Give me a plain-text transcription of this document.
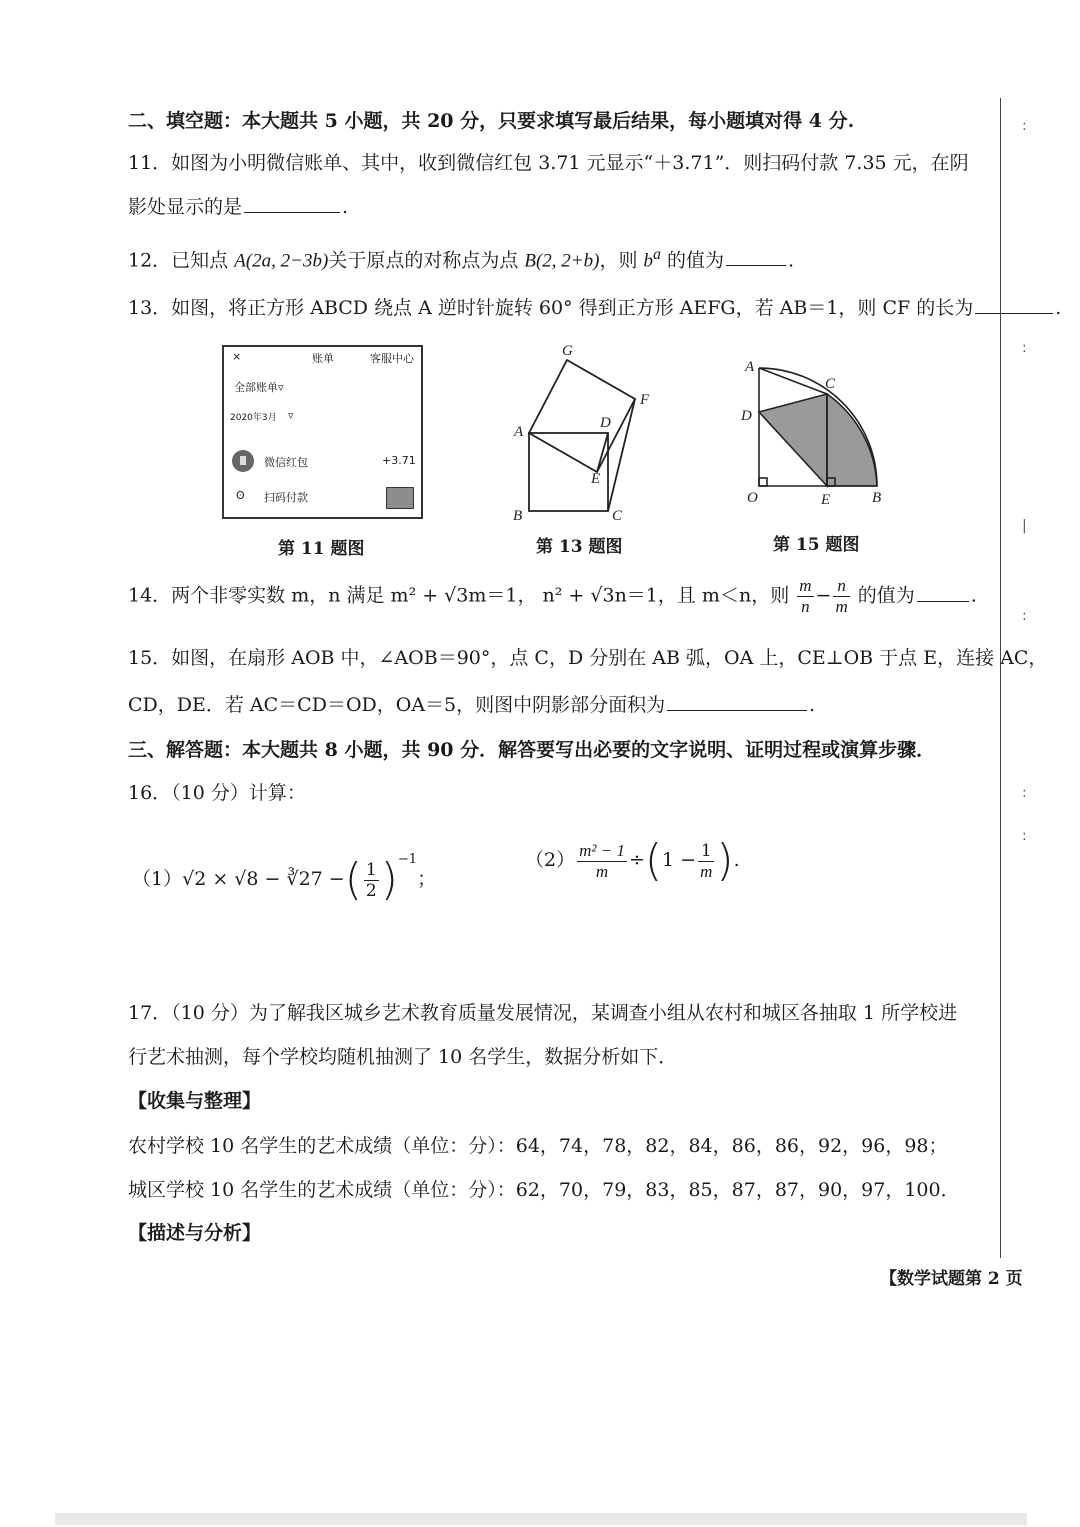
二、填空题：本大题共 5 小题，共 20 分，只要求填写最后结果，每小题填对得 4 分.
11．如图为小明微信账单、其中，收到微信红包 3.71 元显示“＋3.71”．则扫码付款 7.35 元，在阴
影处显示的是	.
12．已知点 A(2a, 2−3b)关于原点的对称点为点 B(2, 2+b)，则 $b^a$ 的值为	.
13．如图，将正方形 ABCD 绕点 A 逆时针旋转 60° 得到正方形 AEFG，若 AB＝1，则 CF 的长为	.
×	账单	客服中心
全部账单▿
2020年3月 ▿
微信红包	+3.71
ʘ 扫码付款
第 11 题图
G
A
D
F
E
B	C
第 13 题图
A
C
D
O	E	B
第 15 题图
14．两个非零实数 m，n 满足 m² + √3m＝1， n² + √3n＝1，且 m＜n，则 $\frac{m}{n} - \frac{n}{m}$ 的值为	.
15．如图，在扇形 AOB 中，∠AOB＝90°，点 C，D 分别在 AB 弧，OA 上，CE⊥OB 于点 E，连接 AC，
CD，DE．若 AC＝CD＝OD，OA＝5，则图中阴影部分面积为	.
三、解答题：本大题共 8 小题，共 90 分．解答要写出必要的文字说明、证明过程或演算步骤．
16．（10 分）计算：
（1）√2 × √8 − ∛27 −( $\frac{1}{2} )^{-1}$；
$(2) \frac{\text{m² − 1}}{m} \div(1 - \frac{1}{m}$ ).
17．（10 分）为了解我区城乡艺术教育质量发展情况，某调查小组从农村和城区各抽取 1 所学校进
行艺术抽测，每个学校均随机抽测了 10 名学生，数据分析如下．
【收集与整理】
农村学校 10 名学生的艺术成绩（单位：分）：64，74，78，82，84，86，86，92，96，98；
城区学校 10 名学生的艺术成绩（单位：分）：62，70，79，83，85，87，87，90，97，100．
【描述与分析】
:
:
|
:
:
:
【数学试题第 2 页
